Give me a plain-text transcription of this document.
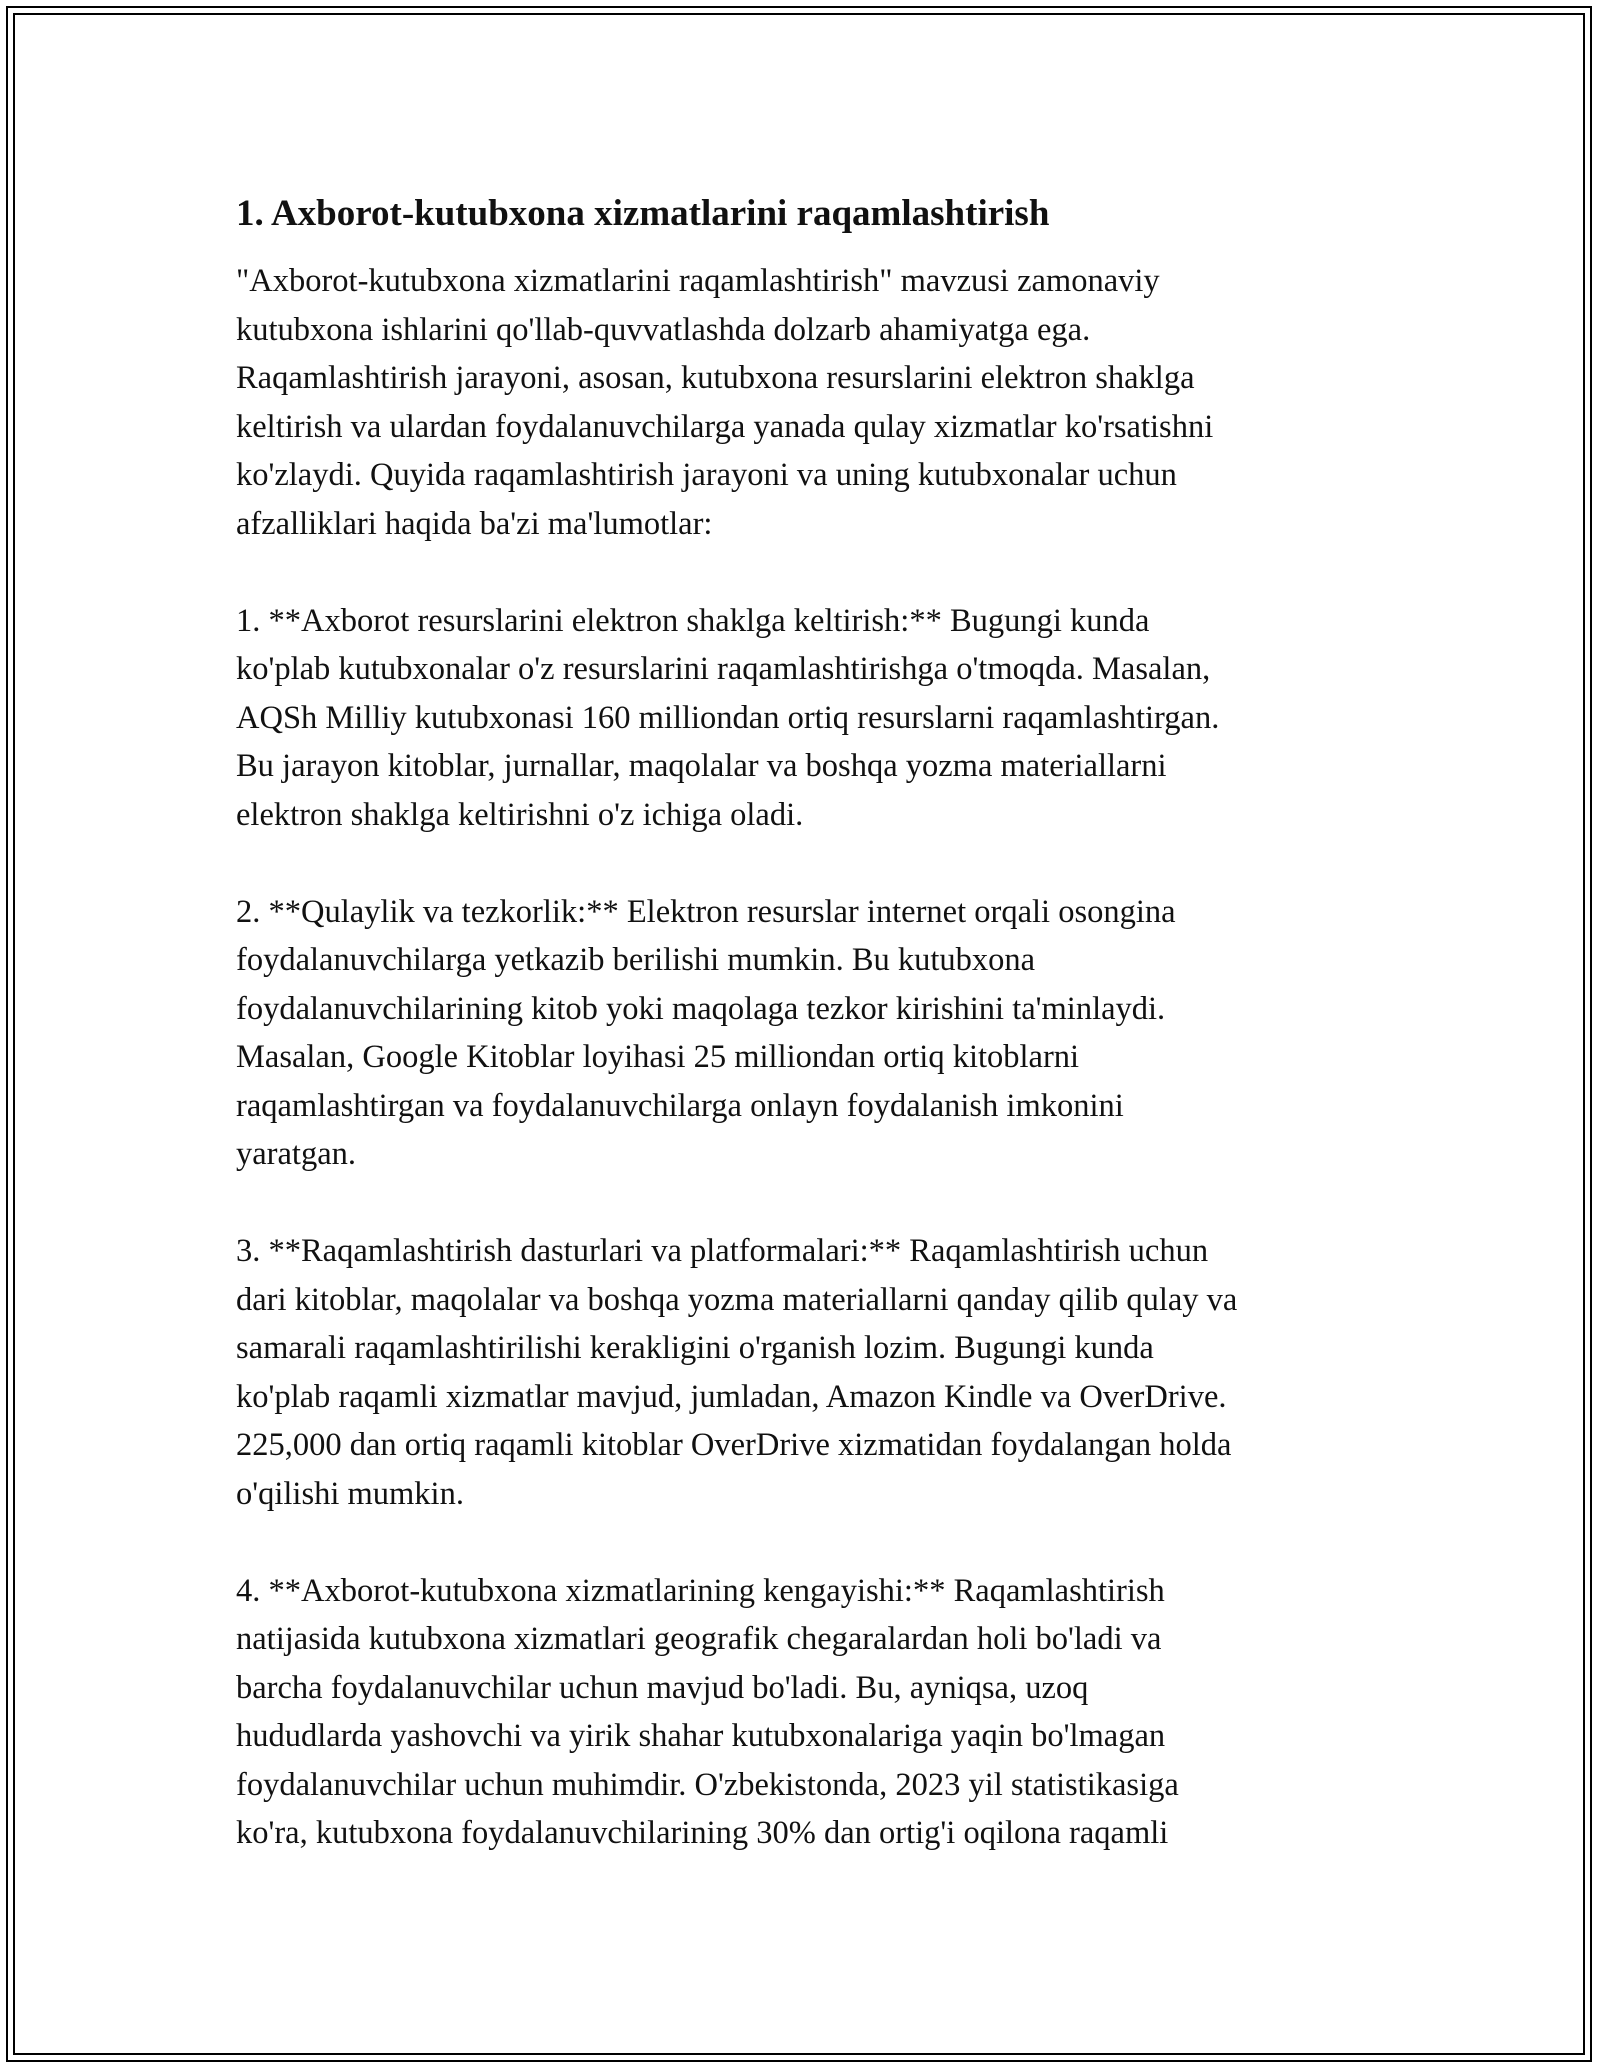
1. Axborot-kutubxona xizmatlarini raqamlashtirish

"Axborot-kutubxona xizmatlarini raqamlashtirish" mavzusi zamonaviy
kutubxona ishlarini qo'llab-quvvatlashda dolzarb ahamiyatga ega.
Raqamlashtirish jarayoni, asosan, kutubxona resurslarini elektron shaklga
keltirish va ulardan foydalanuvchilarga yanada qulay xizmatlar ko'rsatishni
ko'zlaydi. Quyida raqamlashtirish jarayoni va uning kutubxonalar uchun
afzalliklari haqida ba'zi ma'lumotlar:

1. **Axborot resurslarini elektron shaklga keltirish:** Bugungi kunda
ko'plab kutubxonalar o'z resurslarini raqamlashtirishga o'tmoqda. Masalan,
AQSh Milliy kutubxonasi 160 milliondan ortiq resurslarni raqamlashtirgan.
Bu jarayon kitoblar, jurnallar, maqolalar va boshqa yozma materiallarni
elektron shaklga keltirishni o'z ichiga oladi.

2. **Qulaylik va tezkorlik:** Elektron resurslar internet orqali osongina
foydalanuvchilarga yetkazib berilishi mumkin. Bu kutubxona
foydalanuvchilarining kitob yoki maqolaga tezkor kirishini ta'minlaydi.
Masalan, Google Kitoblar loyihasi 25 milliondan ortiq kitoblarni
raqamlashtirgan va foydalanuvchilarga onlayn foydalanish imkonini
yaratgan.

3. **Raqamlashtirish dasturlari va platformalari:** Raqamlashtirish uchun
dari kitoblar, maqolalar va boshqa yozma materiallarni qanday qilib qulay va
samarali raqamlashtirilishi kerakligini o'rganish lozim. Bugungi kunda
ko'plab raqamli xizmatlar mavjud, jumladan, Amazon Kindle va OverDrive.
225,000 dan ortiq raqamli kitoblar OverDrive xizmatidan foydalangan holda
o'qilishi mumkin.

4. **Axborot-kutubxona xizmatlarining kengayishi:** Raqamlashtirish
natijasida kutubxona xizmatlari geografik chegaralardan holi bo'ladi va
barcha foydalanuvchilar uchun mavjud bo'ladi. Bu, ayniqsa, uzoq
hududlarda yashovchi va yirik shahar kutubxonalariga yaqin bo'lmagan
foydalanuvchilar uchun muhimdir. O'zbekistonda, 2023 yil statistikasiga
ko'ra, kutubxona foydalanuvchilarining 30% dan ortig'i oqilona raqamli
